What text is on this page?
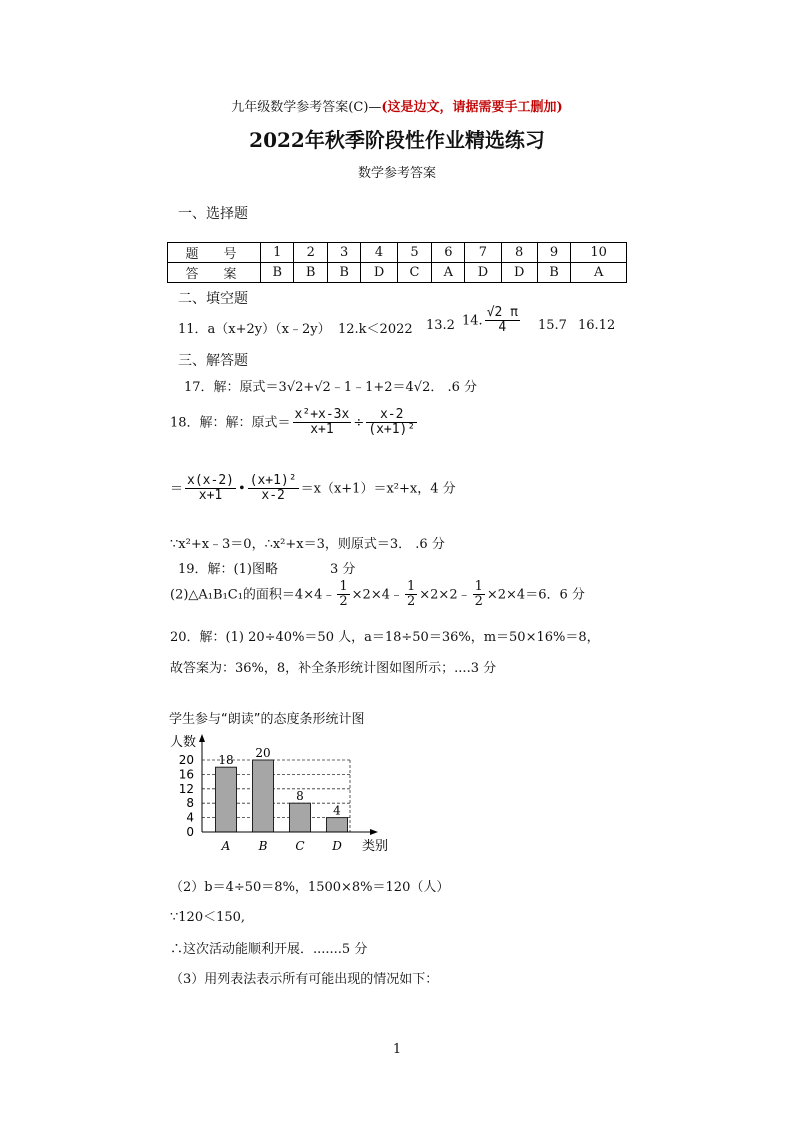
九年级数学参考答案(C)—(这是边文，请据需要手工删加)
2022年秋季阶段性作业精选练习
数学参考答案
一、选择题
题　号	1	2	3	4	5	6	7	8	9	10
答　案	B	B	B	D	C	A	D	D	B	A
二、填空题
11．a（x+2y）（x﹣2y） 12.k＜2022 13.2 14. $\frac{√2 \pi}{4} 15.7$ 16.12
三、解答题
17．解：原式＝3√2+√2﹣1﹣1+2＝4√2． .6 分
18．解：解：原式＝ $\frac{\text{x²+x-3x}}{x+1} \div \frac{x-2}{\text{(x+1)²}}$
＝ $\frac{x(x-2)}{x+1}$ • $\frac{\text{(x+1)²}}{x-2} =x(x+1)=x^2+x$，4 分
∵x²+x﹣3＝0，∴x²+x＝3，则原式＝3． .6 分
19．解：(1)图略　　　　3 分
(2)△A₁B₁C₁的面积＝4×4﹣ $\frac{1}{2}$ ×2×4﹣ $\frac{1}{2}$ ×2×2﹣ $\frac{1}{2} \times 2\times 4=6$．6 分
20．解：(1) 20÷40%＝50 人，a＝18÷50＝36%，m＝50×16%＝8，
故答案为：36%，8，补全条形统计图如图所示；....3 分
学生参与“朗读”的态度条形统计图
18
20
8
4
0
4
8
12
16
20
A B C D
人数
类别
（2）b＝4÷50＝8%，1500×8%＝120（人）
∵120＜150,
∴这次活动能顺利开展．.......5 分
（3）用列表法表示所有可能出现的情况如下：
1
